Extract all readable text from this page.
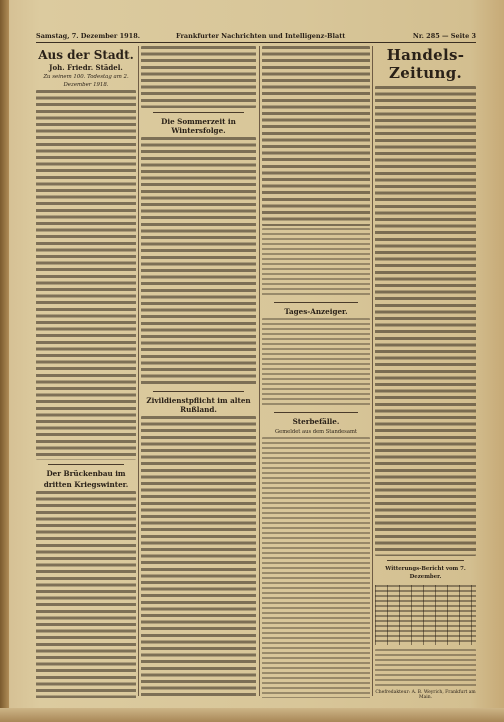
Samstag, 7. Dezember 1918.	Frankfurter Nachrichten und Intelligenz-Blatt	Nr. 285 — Seite 3
Aus der Stadt.
Joh. Friedr. Städel.
Zu seinem 100. Todestag am 2. Dezember 1918.
Der Brückenbau im
dritten Kriegswinter.
Die Sommerzeit in Wintersfolge.
Zivildienstpflicht im alten Rußland.
Tages-Anzeiger.
Sterbefälle.
Gemeldet aus dem Standesamt
Handels-Zeitung.
Witterungs-Bericht vom 7. Dezember.
Chefredakteur: A. B. Weyrich, Frankfurt am Main.
